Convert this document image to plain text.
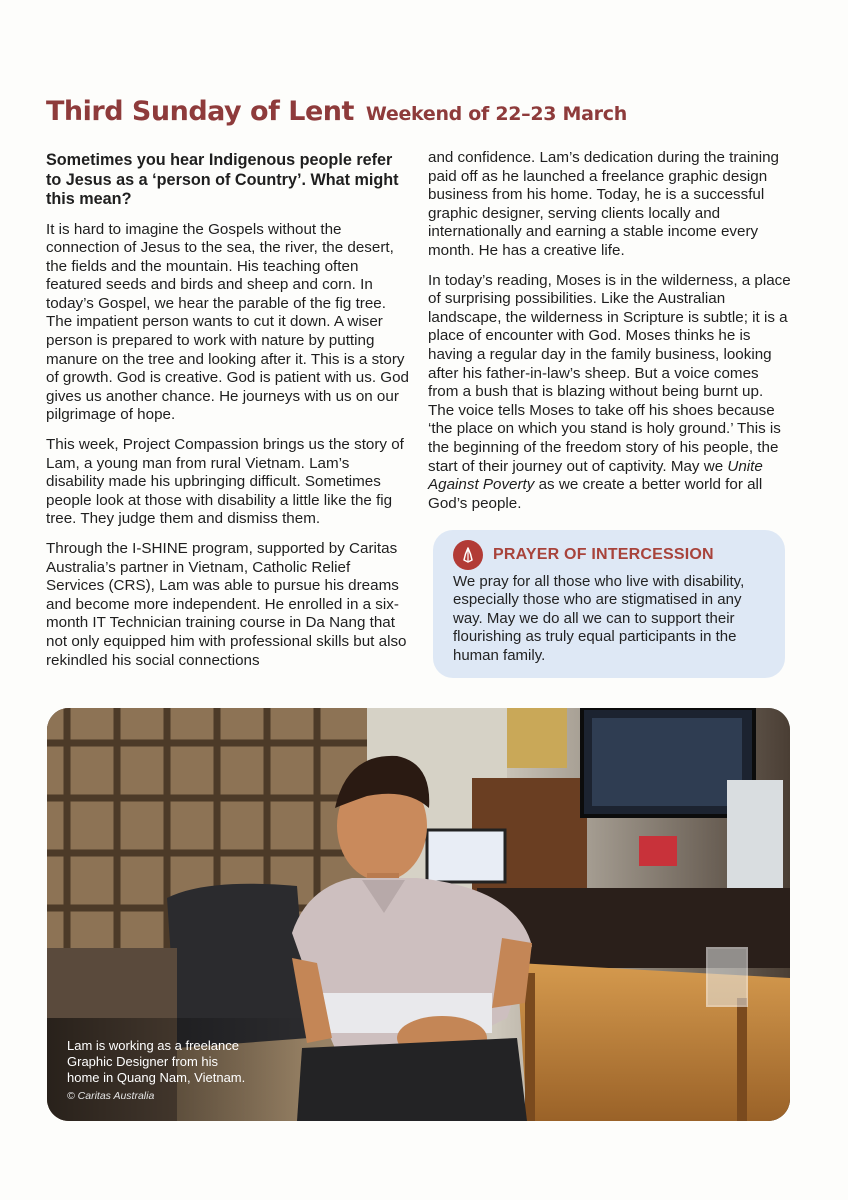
Third Sunday of Lent Weekend of 22–23 March

Sometimes you hear Indigenous people refer to Jesus as a ‘person of Country’. What might this mean?

It is hard to imagine the Gospels without the connection of Jesus to the sea, the river, the desert, the fields and the mountain. His teaching often featured seeds and birds and sheep and corn. In today’s Gospel, we hear the parable of the fig tree. The impatient person wants to cut it down. A wiser person is prepared to work with nature by putting manure on the tree and looking after it. This is a story of growth. God is creative. God is patient with us. God gives us another chance. He journeys with us on our pilgrimage of hope.

This week, Project Compassion brings us the story of Lam, a young man from rural Vietnam. Lam’s disability made his upbringing difficult. Sometimes people look at those with disability a little like the fig tree. They judge them and dismiss them.

Through the I-SHINE program, supported by Caritas Australia’s partner in Vietnam, Catholic Relief Services (CRS), Lam was able to pursue his dreams and become more independent. He enrolled in a six-month IT Technician training course in Da Nang that not only equipped him with professional skills but also rekindled his social connections

and confidence. Lam’s dedication during the training paid off as he launched a freelance graphic design business from his home. Today, he is a successful graphic designer, serving clients locally and internationally and earning a stable income every month. He has a creative life.

In today’s reading, Moses is in the wilderness, a place of surprising possibilities. Like the Australian landscape, the wilderness in Scripture is subtle; it is a place of encounter with God. Moses thinks he is having a regular day in the family business, looking after his father-in-law’s sheep. But a voice comes from a bush that is blazing without being burnt up. The voice tells Moses to take off his shoes because ‘the place on which you stand is holy ground.’ This is the beginning of the freedom story of his people, the start of their journey out of captivity. May we Unite Against Poverty as we create a better world for all God’s people.

PRAYER OF INTERCESSION
We pray for all those who live with disability, especially those who are stigmatised in any way. May we do all we can to support their flourishing as truly equal participants in the human family.
Lam is working as a freelance
Graphic Designer from his
home in Quang Nam, Vietnam.
© Caritas Australia
